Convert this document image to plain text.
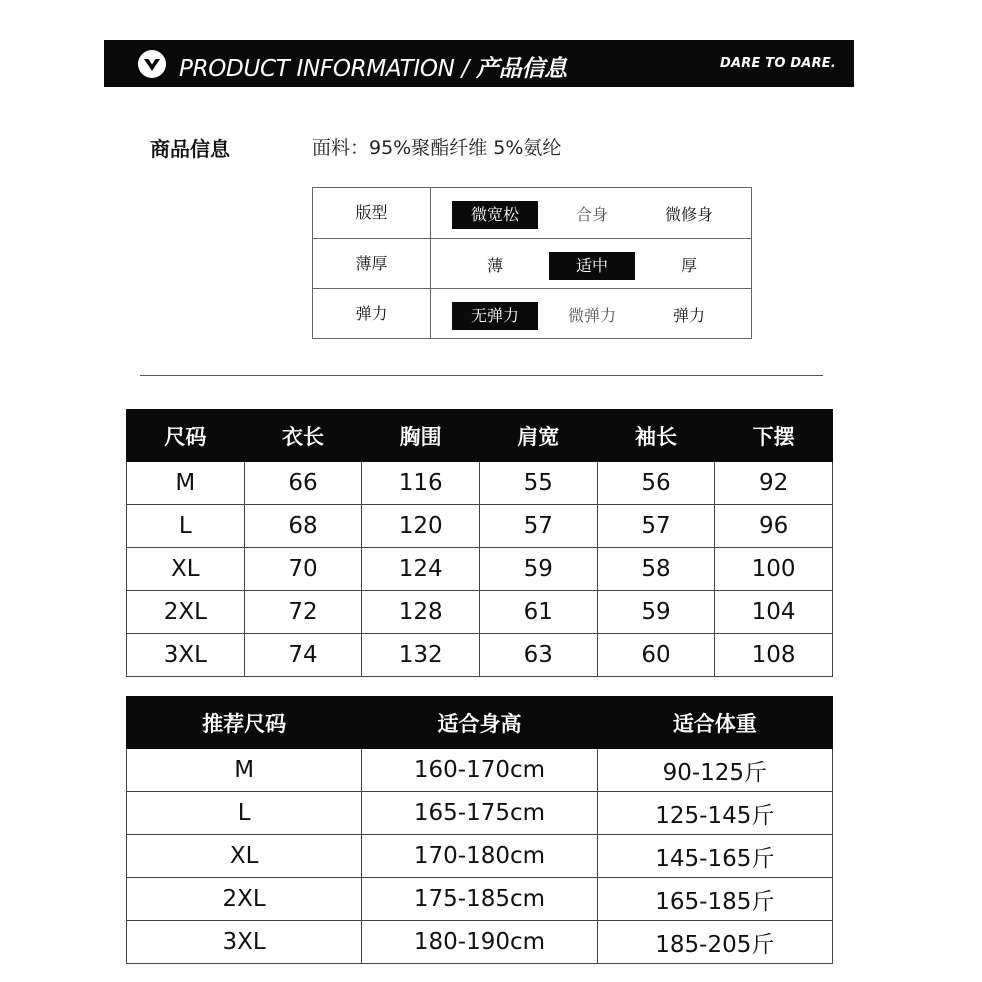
PRODUCT INFORMATION / 产品信息	DARE TO DARE.
商品信息	面料：95%聚酯纤维 5%氨纶
版型	微宽松	合身	微修身
薄厚	薄	适中	厚
弹力	无弹力	微弹力	弹力
尺码	衣长	胸围	肩宽	袖长	下摆
M	66	116	55	56	92
L	68	120	57	57	96
XL	70	124	59	58	100
2XL	72	128	61	59	104
3XL	74	132	63	60	108
推荐尺码	适合身高	适合体重
M	160-170cm	90-125斤
L	165-175cm	125-145斤
XL	170-180cm	145-165斤
2XL	175-185cm	165-185斤
3XL	180-190cm	185-205斤
